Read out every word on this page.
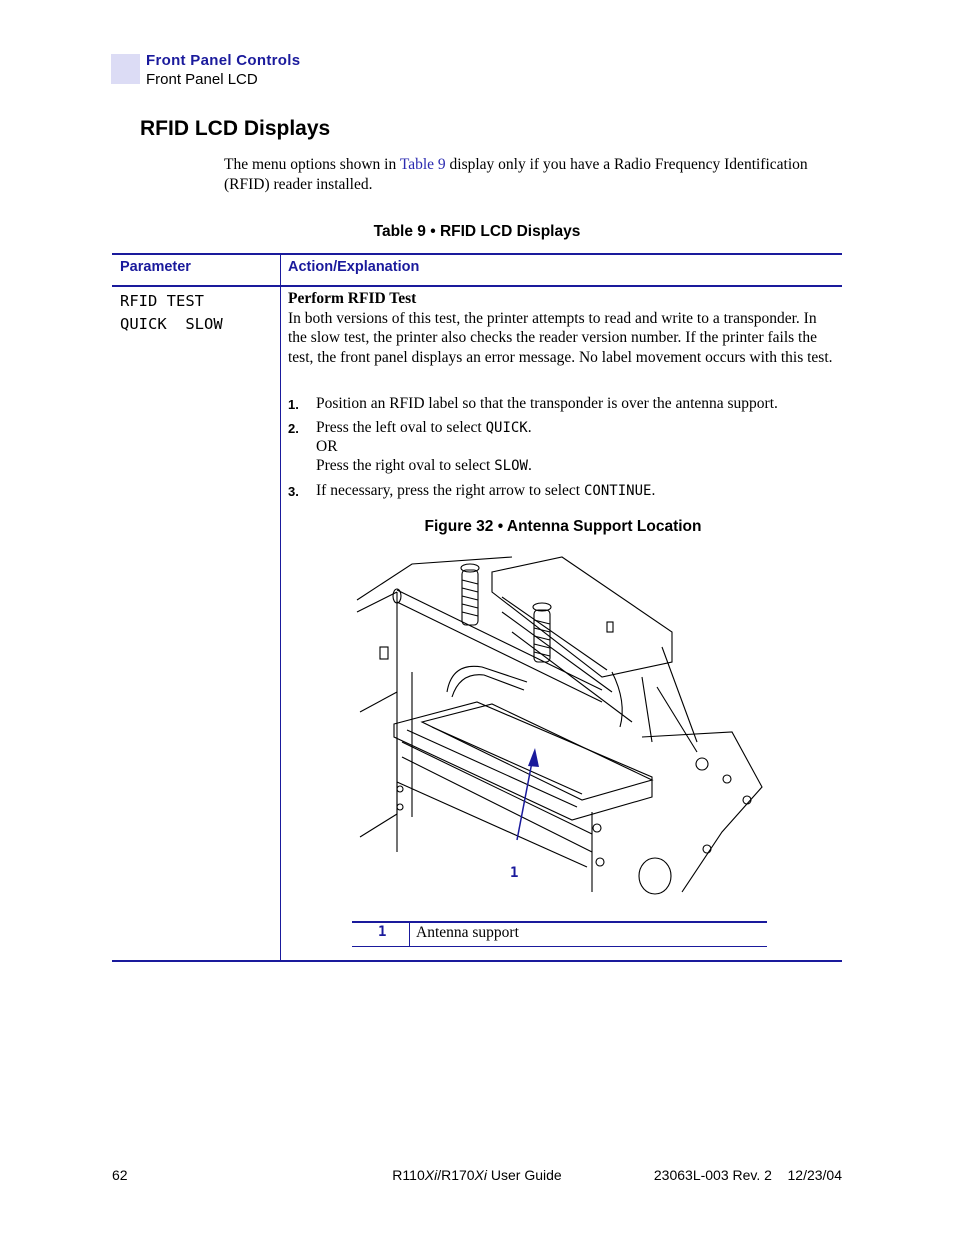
Front Panel Controls
Front Panel LCD
RFID LCD Displays

The menu options shown in Table 9 display only if you have a Radio Frequency Identification (RFID) reader installed.

Table 9 • RFID LCD Displays
Parameter	Action/Explanation
RFID TEST
QUICK  SLOW
Perform RFID Test
In both versions of this test, the printer attempts to read and write to a transponder. In the slow test, the printer also checks the reader version number. If the printer fails the test, the front panel displays an error message. No label movement occurs with this test.
1. Position an RFID label so that the transponder is over the antenna support.
2. Press the left oval to select QUICK.
OR
Press the right oval to select SLOW.
3. If necessary, press the right arrow to select CONTINUE.
Figure 32 • Antenna Support Location
1
1 Antenna support
62	R110Xi/R170Xi User Guide	23063L-003 Rev. 2    12/23/04
